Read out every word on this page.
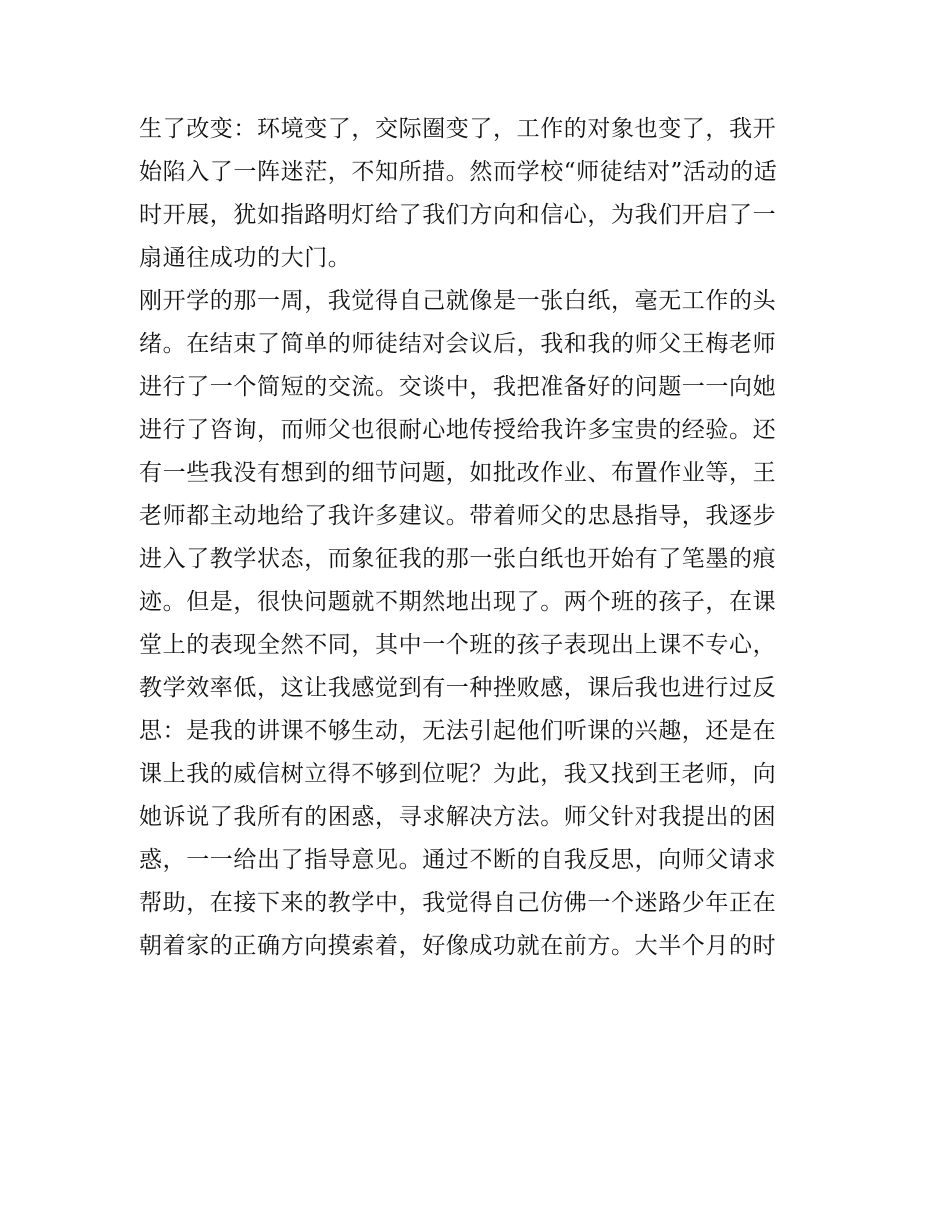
生了改变：环境变了，交际圈变了，工作的对象也变了，我开
始陷入了一阵迷茫，不知所措。然而学校“师徒结对”活动的适
时开展，犹如指路明灯给了我们方向和信心，为我们开启了一
扇通往成功的大门。
刚开学的那一周，我觉得自己就像是一张白纸，毫无工作的头
绪。在结束了简单的师徒结对会议后，我和我的师父王梅老师
进行了一个简短的交流。交谈中，我把准备好的问题一一向她
进行了咨询，而师父也很耐心地传授给我许多宝贵的经验。还
有一些我没有想到的细节问题，如批改作业、布置作业等，王
老师都主动地给了我许多建议。带着师父的忠恳指导，我逐步
进入了教学状态，而象征我的那一张白纸也开始有了笔墨的痕
迹。但是，很快问题就不期然地出现了。两个班的孩子，在课
堂上的表现全然不同，其中一个班的孩子表现出上课不专心，
教学效率低，这让我感觉到有一种挫败感，课后我也进行过反
思：是我的讲课不够生动，无法引起他们听课的兴趣，还是在
课上我的威信树立得不够到位呢？为此，我又找到王老师，向
她诉说了我所有的困惑，寻求解决方法。师父针对我提出的困
惑，一一给出了指导意见。通过不断的自我反思，向师父请求
帮助，在接下来的教学中，我觉得自己仿佛一个迷路少年正在
朝着家的正确方向摸索着，好像成功就在前方。大半个月的时
